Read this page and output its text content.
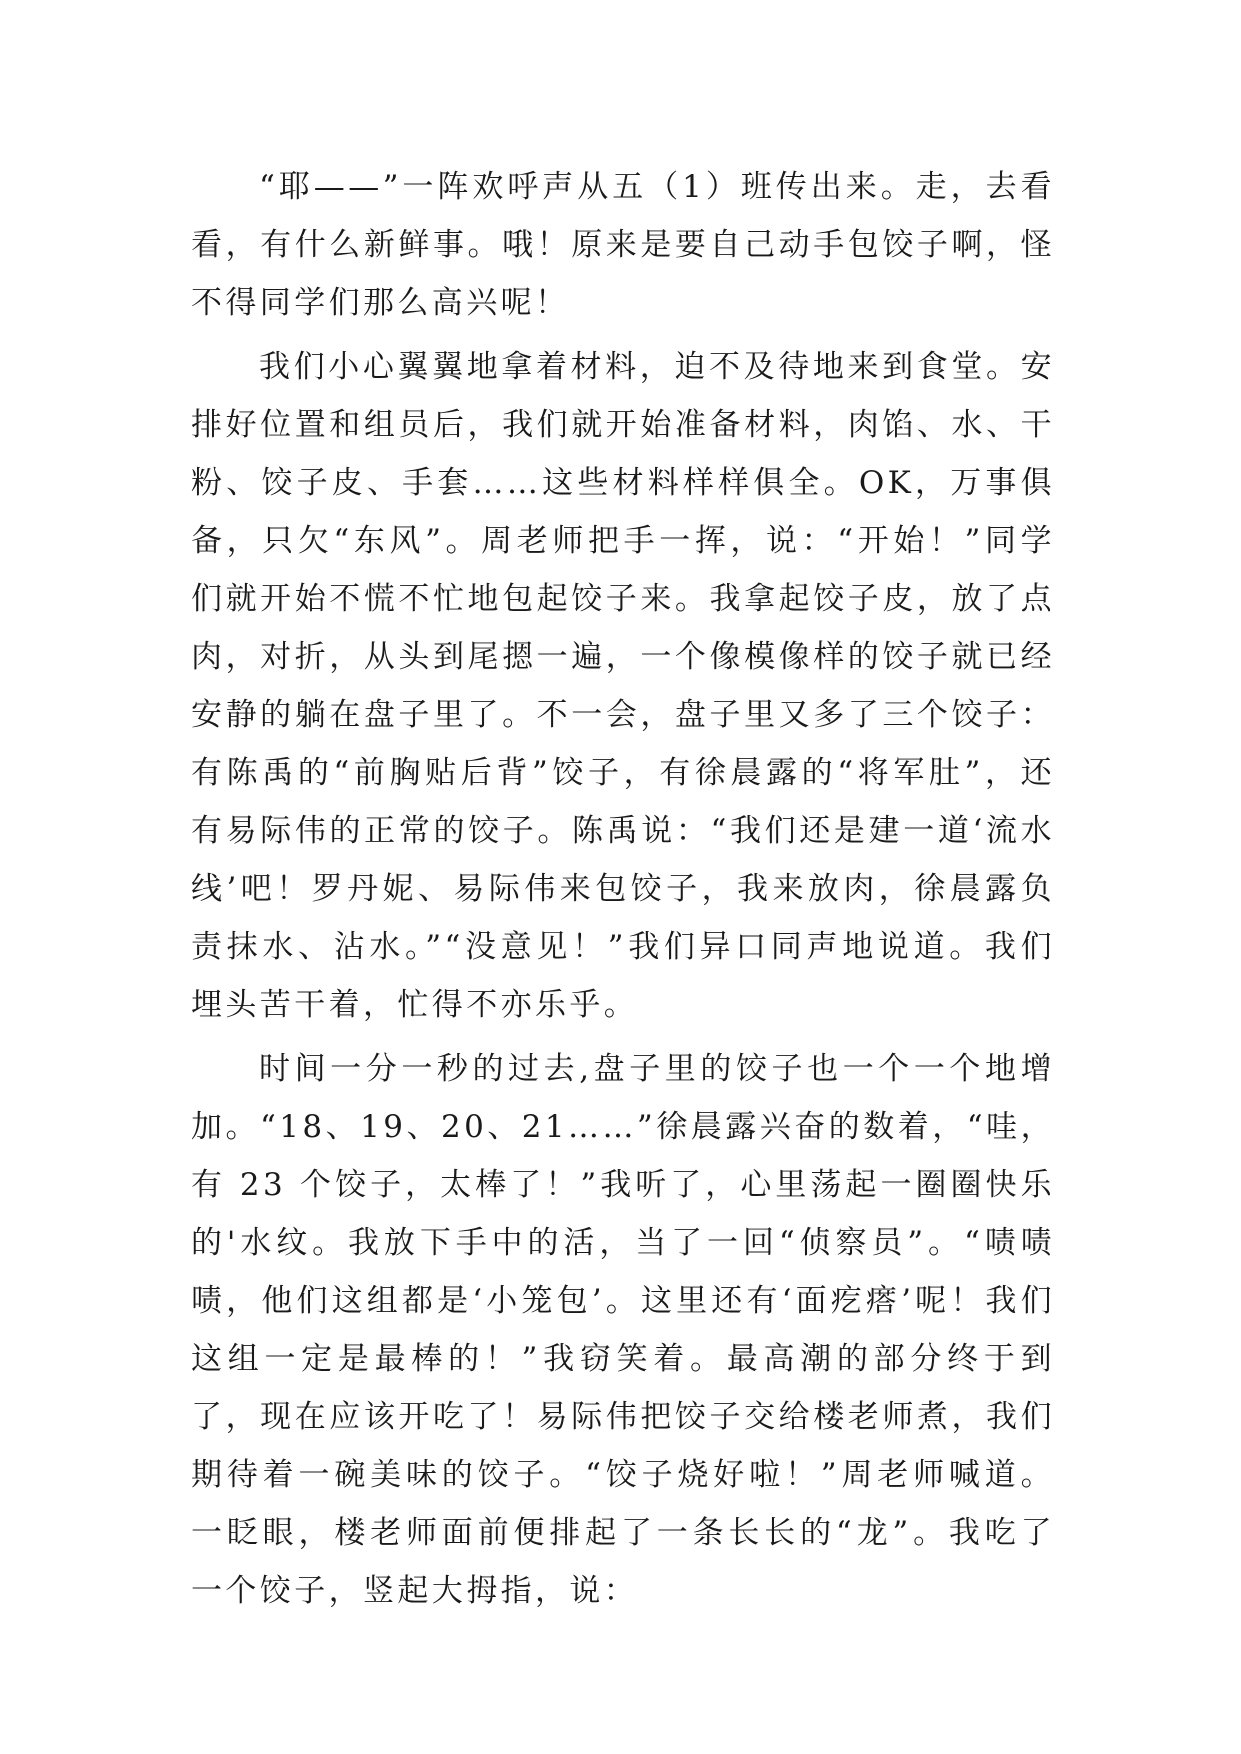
“耶——”一阵欢呼声从五（1）班传出来。走，去看看，有什么新鲜事。哦！原来是要自己动手包饺子啊，怪不得同学们那么高兴呢！

我们小心翼翼地拿着材料，迫不及待地来到食堂。安排好位置和组员后，我们就开始准备材料，肉馅、水、干粉、饺子皮、手套……这些材料样样俱全。OK，万事俱备，只欠“东风”。周老师把手一挥，说：“开始！”同学们就开始不慌不忙地包起饺子来。我拿起饺子皮，放了点肉，对折，从头到尾摁一遍，一个像模像样的饺子就已经安静的躺在盘子里了。不一会，盘子里又多了三个饺子：有陈禹的“前胸贴后背”饺子，有徐晨露的“将军肚”，还有易际伟的正常的饺子。陈禹说：“我们还是建一道‘流水线’吧！罗丹妮、易际伟来包饺子，我来放肉，徐晨露负责抹水、沾水。”“没意见！”我们异口同声地说道。我们埋头苦干着，忙得不亦乐乎。

时间一分一秒的过去,盘子里的饺子也一个一个地增加。“18、19、20、21……”徐晨露兴奋的数着，“哇，有 23 个饺子，太棒了！”我听了，心里荡起一圈圈快乐的'水纹。我放下手中的活，当了一回“侦察员”。“啧啧啧，他们这组都是‘小笼包’。这里还有‘面疙瘩’呢！我们这组一定是最棒的！”我窃笑着。最高潮的部分终于到了，现在应该开吃了！易际伟把饺子交给楼老师煮，我们期待着一碗美味的饺子。“饺子烧好啦！”周老师喊道。一眨眼，楼老师面前便排起了一条长长的“龙”。我吃了一个饺子，竖起大拇指，说：
